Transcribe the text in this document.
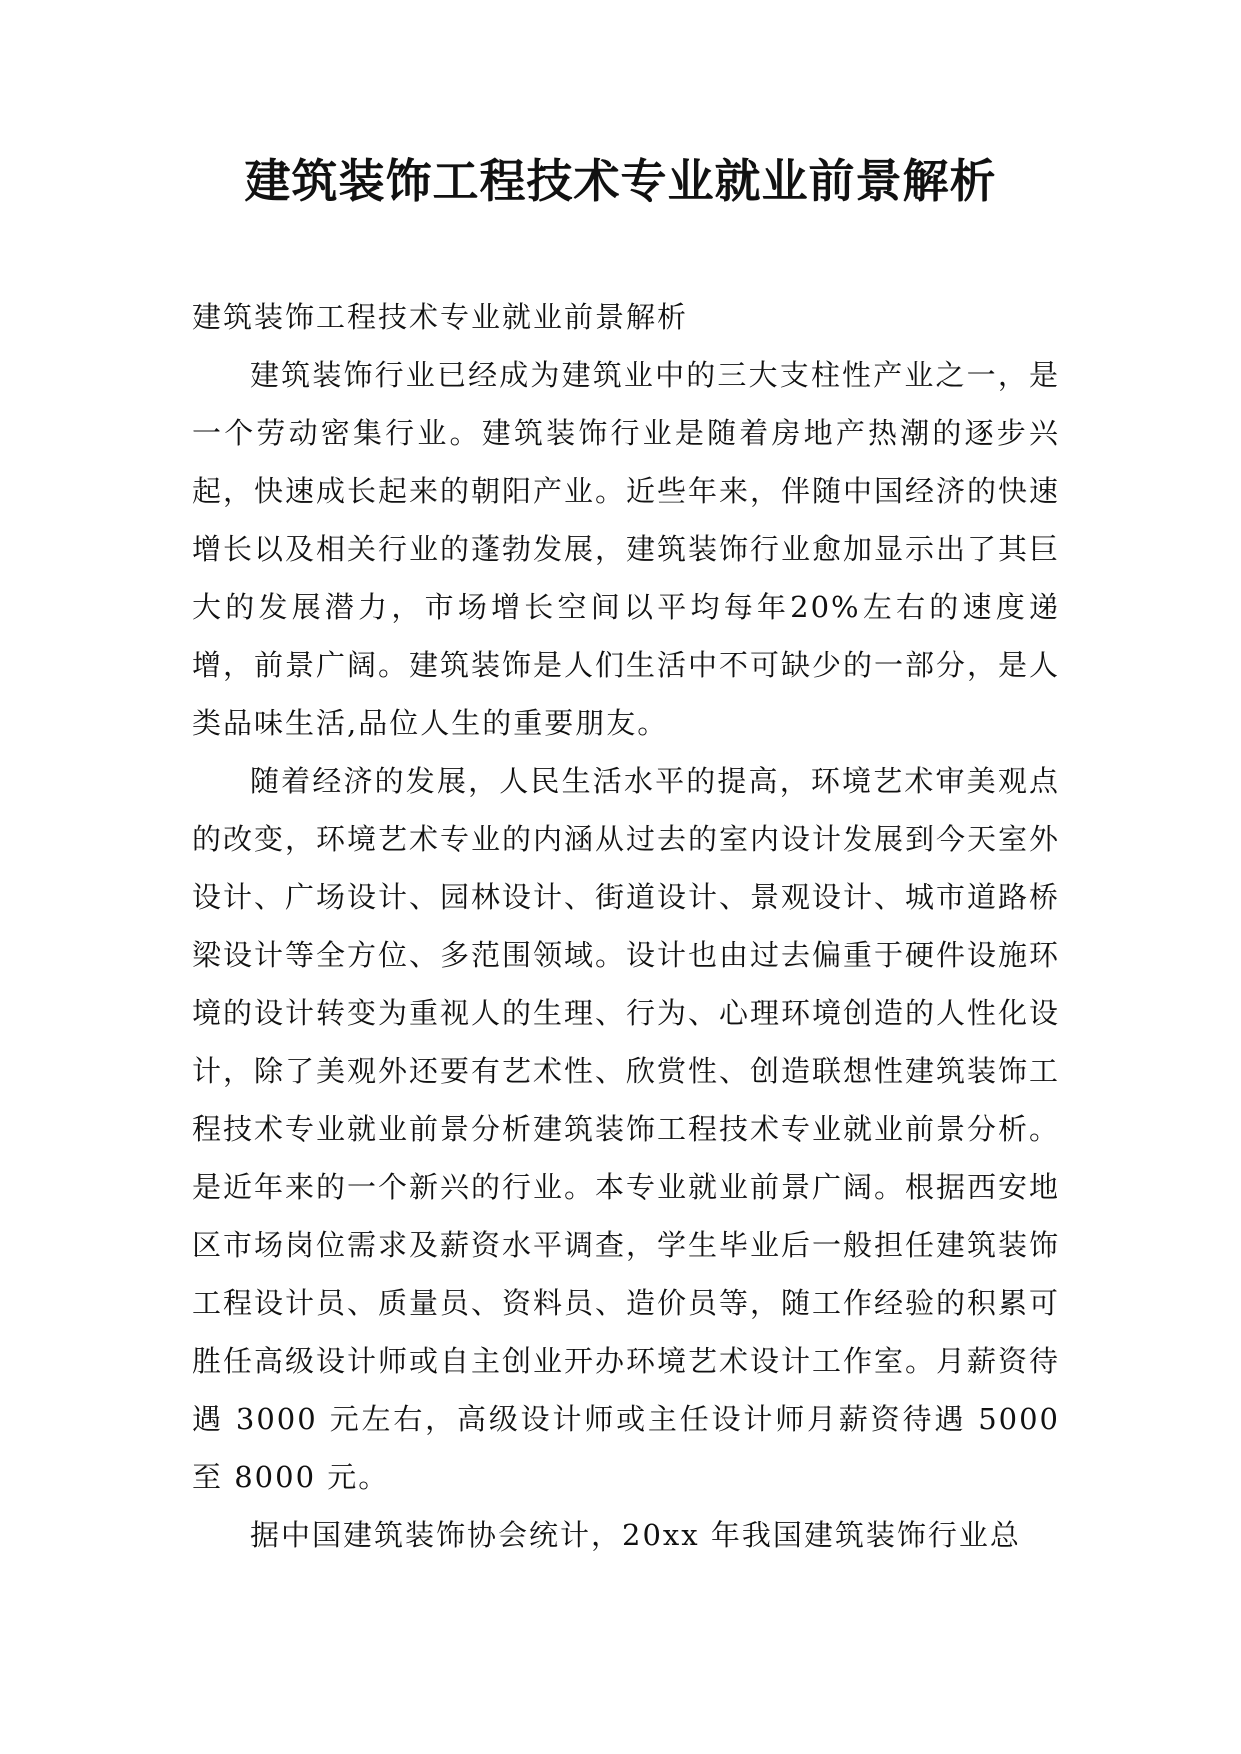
建筑装饰工程技术专业就业前景解析

建筑装饰工程技术专业就业前景解析

建筑装饰行业已经成为建筑业中的三大支柱性产业之一，是一个劳动密集行业。建筑装饰行业是随着房地产热潮的逐步兴起，快速成长起来的朝阳产业。近些年来，伴随中国经济的快速增长以及相关行业的蓬勃发展，建筑装饰行业愈加显示出了其巨大的发展潜力，市场增长空间以平均每年20%左右的速度递增，前景广阔。建筑装饰是人们生活中不可缺少的一部分，是人类品味生活,品位人生的重要朋友。

随着经济的发展，人民生活水平的提高，环境艺术审美观点的改变，环境艺术专业的内涵从过去的室内设计发展到今天室外设计、广场设计、园林设计、街道设计、景观设计、城市道路桥梁设计等全方位、多范围领域。设计也由过去偏重于硬件设施环境的设计转变为重视人的生理、行为、心理环境创造的人性化设计，除了美观外还要有艺术性、欣赏性、创造联想性建筑装饰工程技术专业就业前景分析建筑装饰工程技术专业就业前景分析。是近年来的一个新兴的行业。本专业就业前景广阔。根据西安地区市场岗位需求及薪资水平调查，学生毕业后一般担任建筑装饰工程设计员、质量员、资料员、造价员等，随工作经验的积累可胜任高级设计师或自主创业开办环境艺术设计工作室。月薪资待遇 3000 元左右，高级设计师或主任设计师月薪资待遇 5000 至 8000 元。

据中国建筑装饰协会统计，20xx 年我国建筑装饰行业总
